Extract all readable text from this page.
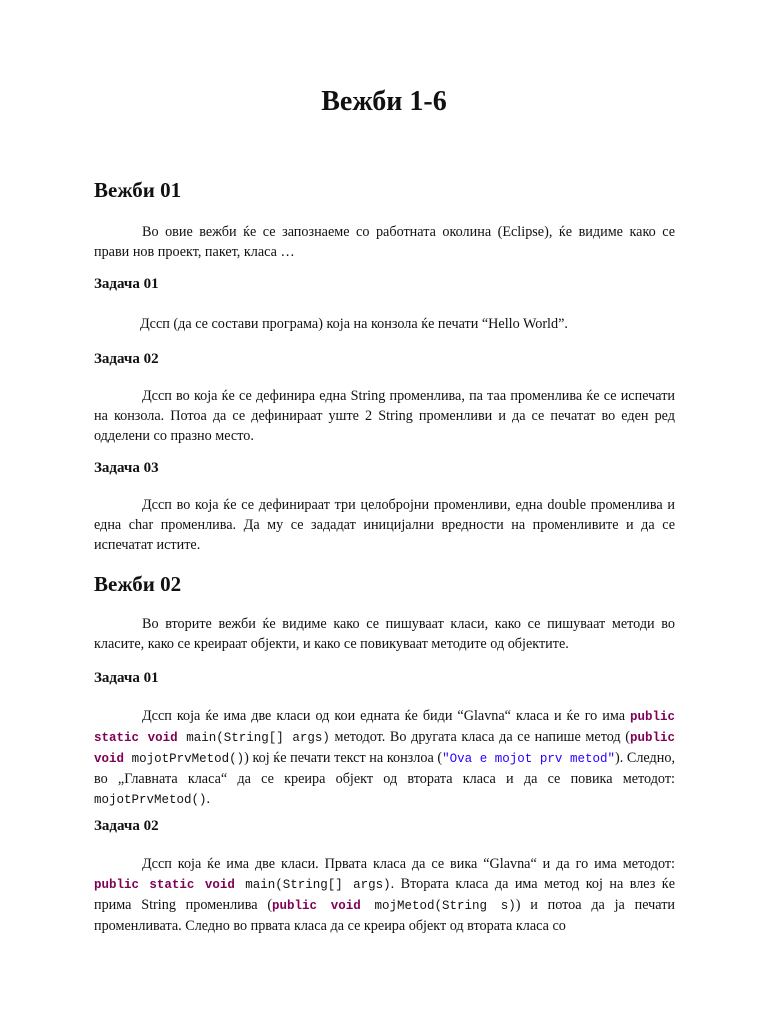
Вежби 1-6
Вежби 01

Во овие вежби ќе се запознаеме со работната околина (Eclipse), ќе видиме како се прави нов проект, пакет, класа …

Задача 01

Дссп (да се состави програма) која на конзола ќе печати “Hello World”.

Задача 02

Дссп во која ќе се дефинира една String променлива, па таа променлива ќе се испечати на конзола. Потоа да се дефинираат уште 2 String променливи и да се печатат во еден ред одделени со празно место.

Задача 03

Дссп во која ќе се дефинираат три целобројни променливи, една double променлива и една char променлива. Да му се зададат иницијални вредности на променливите и да се испечатат истите.

Вежби 02

Во вторите вежби ќе видиме како се пишуваат класи, како се пишуваат методи во класите, како се креираат објекти, и како се повикуваат методите од објектите.

Задача 01

Дссп која ќе има две класи од кои едната ќе биди “Glavna“ класа и ќе го има public static void main(String[] args) методот. Во другата класа да се напише метод (public void mojotPrvMetod()) кој ќе печати текст на конзлоа ("Ova e mojot prv metod"). Следно, во „Главната класа“ да се креира објект од втората класа и да се повика методот: mojotPrvMetod().

Задача 02

Дссп која ќе има две класи. Првата класа да се вика “Glavna“ и да го има методот: public static void main(String[] args). Втората класа да има метод кој на влез ќе прима String променлива (public void mojMetod(String s)) и потоа да ја печати променливата. Следно во првата класа да се креира објект од втората класа со
